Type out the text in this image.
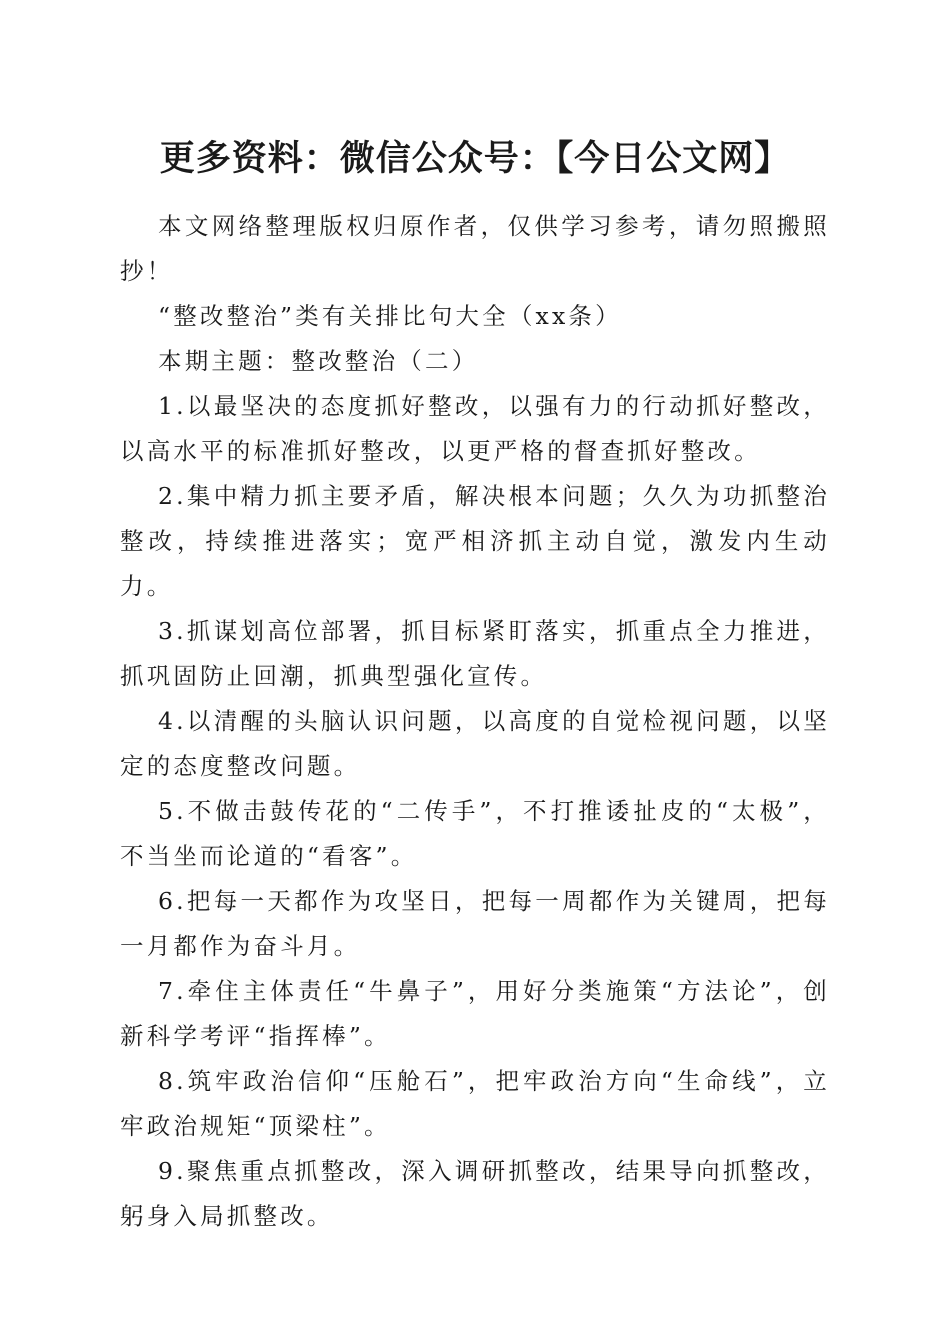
更多资料：微信公众号：【今日公文网】

本文网络整理版权归原作者，仅供学习参考，请勿照搬照抄！

“整改整治”类有关排比句大全（xx条）

本期主题：整改整治（二）

1.以最坚决的态度抓好整改，以强有力的行动抓好整改，以高水平的标准抓好整改，以更严格的督查抓好整改。

2.集中精力抓主要矛盾，解决根本问题；久久为功抓整治整改，持续推进落实；宽严相济抓主动自觉，激发内生动力。

3.抓谋划高位部署，抓目标紧盯落实，抓重点全力推进，抓巩固防止回潮，抓典型强化宣传。

4.以清醒的头脑认识问题，以高度的自觉检视问题，以坚定的态度整改问题。

5.不做击鼓传花的“二传手”，不打推诿扯皮的“太极”，不当坐而论道的“看客”。

6.把每一天都作为攻坚日，把每一周都作为关键周，把每一月都作为奋斗月。

7.牵住主体责任“牛鼻子”，用好分类施策“方法论”，创新科学考评“指挥棒”。

8.筑牢政治信仰“压舱石”，把牢政治方向“生命线”，立牢政治规矩“顶梁柱”。

9.聚焦重点抓整改，深入调研抓整改，结果导向抓整改，躬身入局抓整改。
